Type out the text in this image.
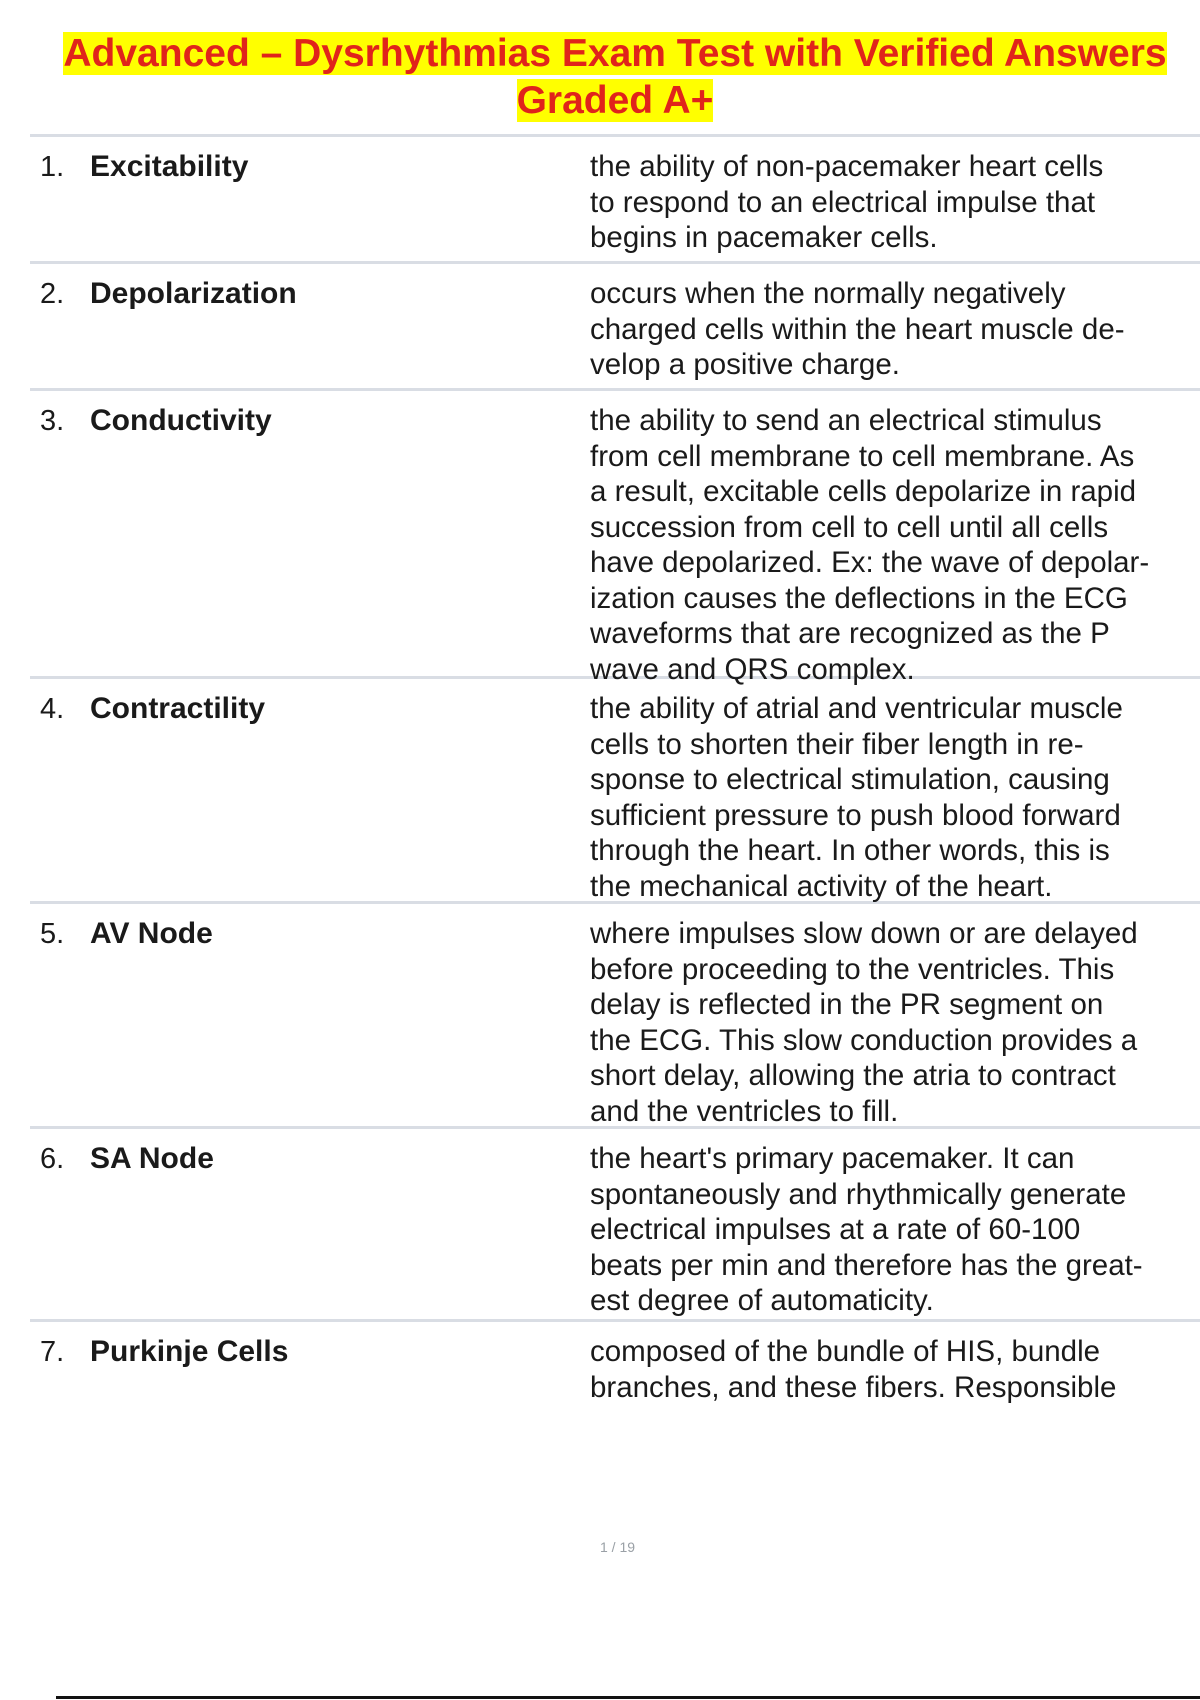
Advanced – Dysrhythmias Exam Test with Verified Answers
Graded A+
1. Excitability	the ability of non-pacemaker heart cells
to respond to an electrical impulse that
begins in pacemaker cells.
2. Depolarization	occurs when the normally negatively
charged cells within the heart muscle de-
velop a positive charge.
3. Conductivity	the ability to send an electrical stimulus
from cell membrane to cell membrane. As
a result, excitable cells depolarize in rapid
succession from cell to cell until all cells
have depolarized. Ex: the wave of depolar-
ization causes the deflections in the ECG
waveforms that are recognized as the P
wave and QRS complex.
4. Contractility	the ability of atrial and ventricular muscle
cells to shorten their fiber length in re-
sponse to electrical stimulation, causing
sufficient pressure to push blood forward
through the heart. In other words, this is
the mechanical activity of the heart.
5. AV Node	where impulses slow down or are delayed
before proceeding to the ventricles. This
delay is reflected in the PR segment on
the ECG. This slow conduction provides a
short delay, allowing the atria to contract
and the ventricles to fill.
6. SA Node	the heart's primary pacemaker. It can
spontaneously and rhythmically generate
electrical impulses at a rate of 60-100
beats per min and therefore has the great-
est degree of automaticity.
7. Purkinje Cells	composed of the bundle of HIS, bundle
branches, and these fibers. Responsible
1 / 19
